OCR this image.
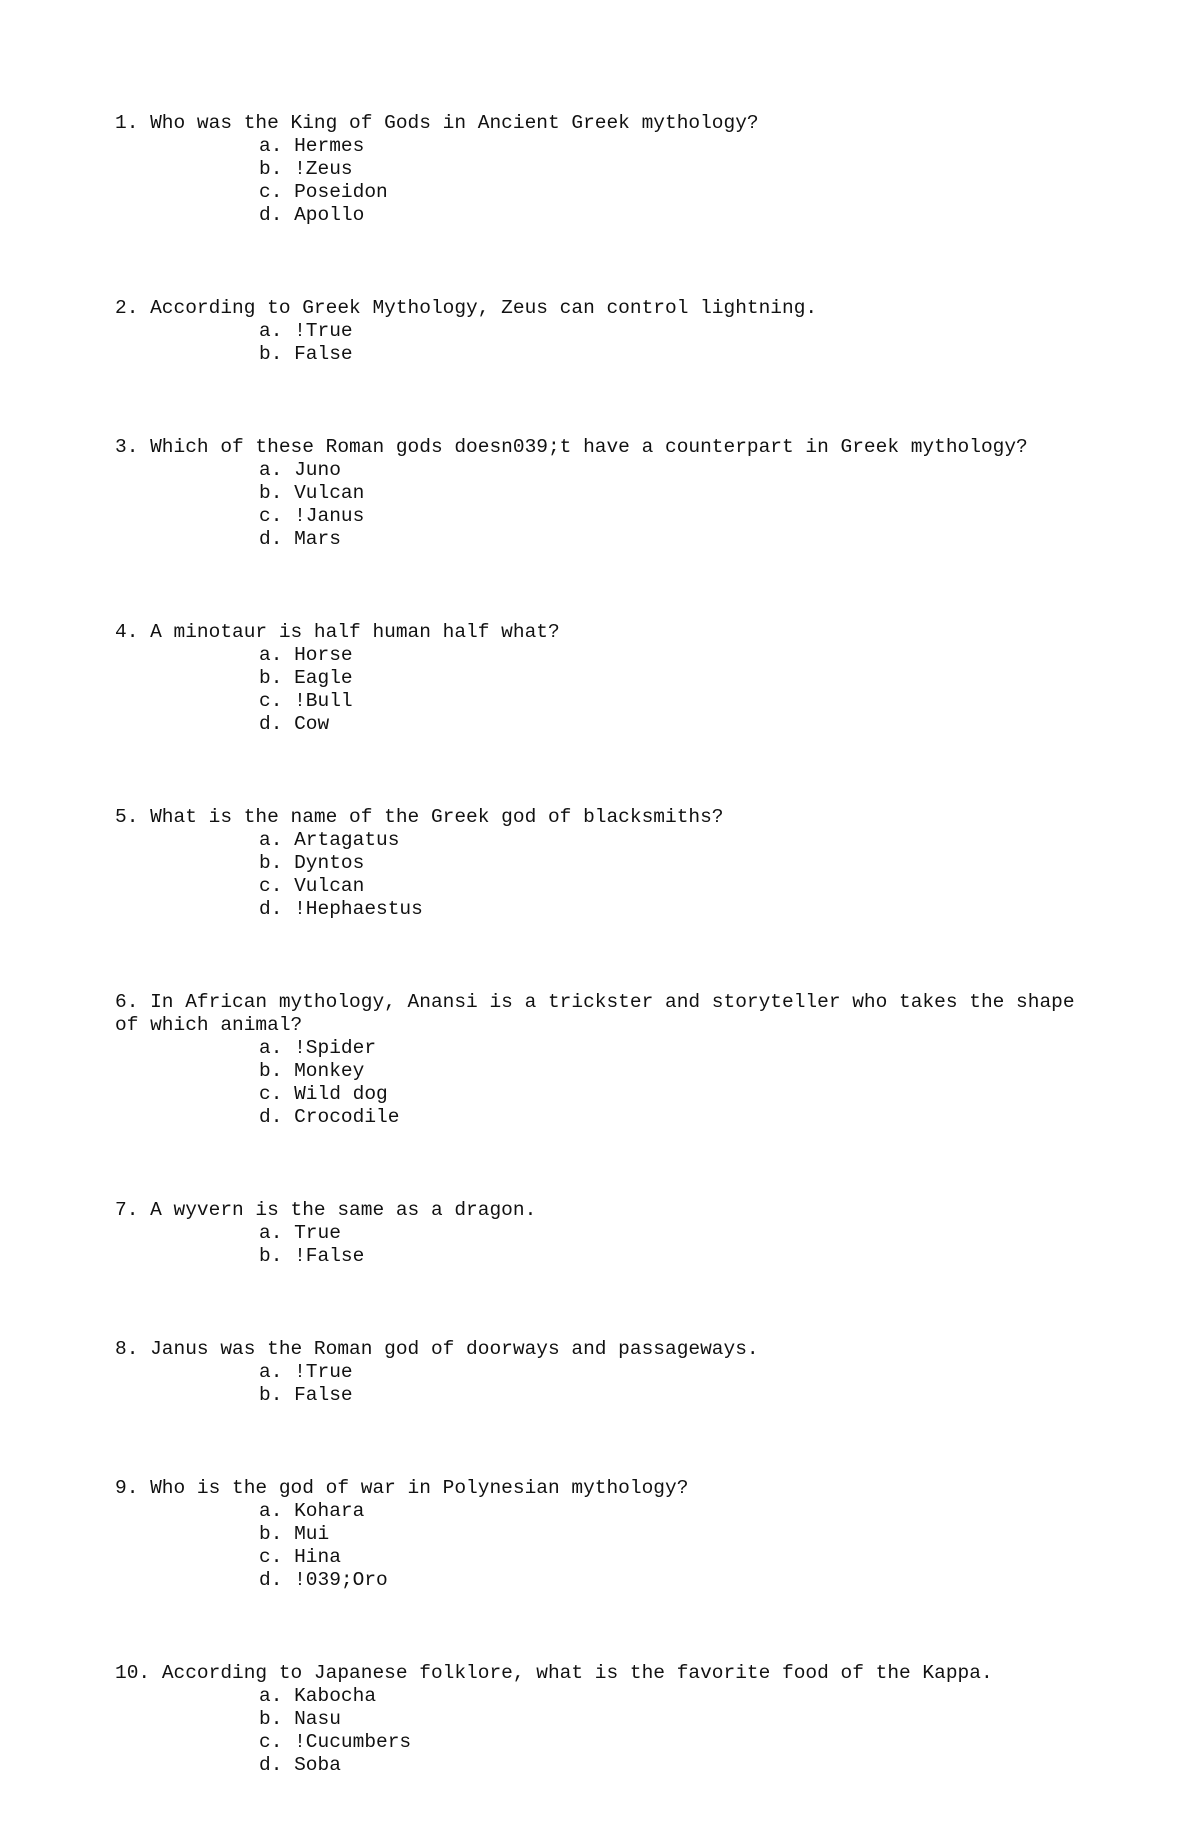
1. Who was the King of Gods in Ancient Greek mythology?

a. Hermes

b. !Zeus

c. Poseidon

d. Apollo

2. According to Greek Mythology, Zeus can control lightning.

a. !True

b. False

3. Which of these Roman gods doesn039;t have a counterpart in Greek mythology?

a. Juno

b. Vulcan

c. !Janus

d. Mars

4. A minotaur is half human half what?

a. Horse

b. Eagle

c. !Bull

d. Cow

5. What is the name of the Greek god of blacksmiths?

a. Artagatus

b. Dyntos

c. Vulcan

d. !Hephaestus

6. In African mythology, Anansi is a trickster and storyteller who takes the shape of which animal?

a. !Spider

b. Monkey

c. Wild dog

d. Crocodile

7. A wyvern is the same as a dragon.

a. True

b. !False

8. Janus was the Roman god of doorways and passageways.

a. !True

b. False

9. Who is the god of war in Polynesian mythology?

a. Kohara

b. Mui

c. Hina

d. !039;Oro

10. According to Japanese folklore, what is the favorite food of the Kappa.

a. Kabocha

b. Nasu

c. !Cucumbers

d. Soba
